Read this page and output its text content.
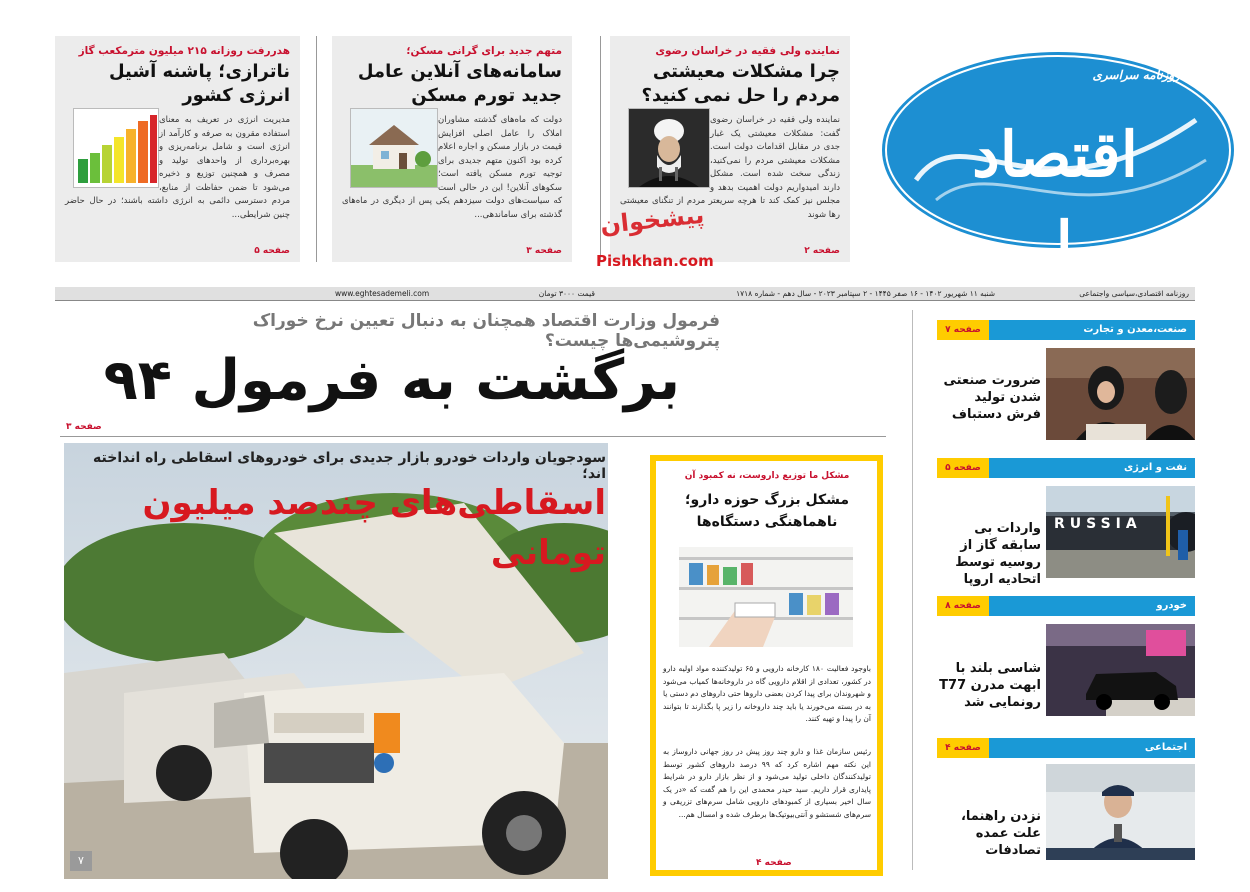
روزنامه سراسری
اقتصاد ملی
نماینده ولی فقیه در خراسان رضوی
چرا مشکلات معیشتی مردم را حل نمی کنید؟
نماینده ولی فقیه در خراسان رضوی گفت: مشکلات معیشتی یک غبار جدی در مقابل اقدامات دولت است. مشکلات معیشتی مردم را نمی‌کنید، زندگی سخت شده است. مشکل دارند امیدواریم دولت اهمیت بدهد و مجلس نیز کمک کند تا هرچه سریعتر مردم از تنگنای معیشتی رها شوند
صفحه ۲
متهم جدید برای گرانی مسکن؛
سامانه‌های آنلاین عامل جدید تورم مسکن
دولت که ماه‌های گذشته مشاوران املاک را عامل اصلی افزایش قیمت در بازار مسکن و اجاره اعلام کرده بود اکنون متهم جدیدی برای توجیه تورم مسکن یافته است؛ سکوهای آنلاین! این در حالی است که سیاست‌های دولت سیزدهم یکی پس از دیگری در ماه‌های گذشته برای ساماندهی...
صفحه ۳
هدررفت روزانه ۲۱۵ میلیون مترمکعب گاز
ناترازی؛ پاشنه آشیل انرژی کشور
مدیریت انرژی در تعریف به معنای استفاده مقرون به صرفه و کارآمد از انرژی است و شامل برنامه‌ریزی و بهره‌برداری از واحدهای تولید و مصرف و همچنین توزیع و ذخیره می‌شود تا ضمن حفاظت از منابع، مردم دسترسی دائمی به انرژی داشته باشند؛ در حال حاضر چنین شرایطی...
صفحه ۵
پیشخوان
Pishkhan.com
روزنامه اقتصادی،سیاسی واجتماعی
شنبه ۱۱ شهریور ۱۴۰۲ - ۱۶ صفر ۱۴۴۵ - ۲ سپتامبر ۲۰۲۳ - سال دهم - شماره ۱۷۱۸
قیمت ۳۰۰۰ تومان
www.eghtesademeli.com
صنعت،معدن و تجارت
صفحه ۷
ضرورت صنعتی شدن تولید فرش دستباف
نفت و انرژی
صفحه ۵
RUSSIA
واردات بی سابقه گاز از روسیه توسط اتحادیه اروپا
خودرو
صفحه ۸
شاسی بلند با ابهت مدرن T77 رونمایی شد
اجتماعی
صفحه ۴
نزدن راهنما، علت عمده تصادفات
فرمول وزارت اقتصاد همچنان به دنبال تعیین نرخ خوراک پتروشیمی‌ها چیست؟
برگشت به فرمول ۹۴
صفحه ۳
۷
سودجویان واردات خودرو بازار جدیدی برای خودروهای اسقاطی راه انداخته اند؛
اسقاطی‌های چندصد میلیون تومانی
مشکل ما توزیع داروست، نه کمبود آن
مشکل بزرگ حوزه دارو؛ ناهماهنگی دستگاه‌ها
باوجود فعالیت ۱۸۰ کارخانه دارویی و ۶۵ تولیدکننده مواد اولیه دارو در کشور، تعدادی از اقلام دارویی گاه در داروخانه‌ها کمیاب می‌شود و شهروندان برای پیدا کردن بعضی داروها حتی داروهای دم دستی یا به در بسته می‌خورند یا باید چند داروخانه را زیر پا بگذارند تا بتوانند آن را پیدا و تهیه کنند.
رئیس سازمان غذا و دارو چند روز پیش در روز جهانی داروساز به این نکته مهم اشاره کرد که ۹۹ درصد داروهای کشور توسط تولیدکنندگان داخلی تولید می‌شود و از نظر بازار دارو در شرایط پایداری قرار داریم. سید حیدر محمدی این را هم گفت که «در یک سال اخیر بسیاری از کمبودهای دارویی شامل سرم‌های تزریقی و سرم‌های شستشو و آنتی‌بیوتیک‌ها برطرف شده و امسال هم...
صفحه ۴
